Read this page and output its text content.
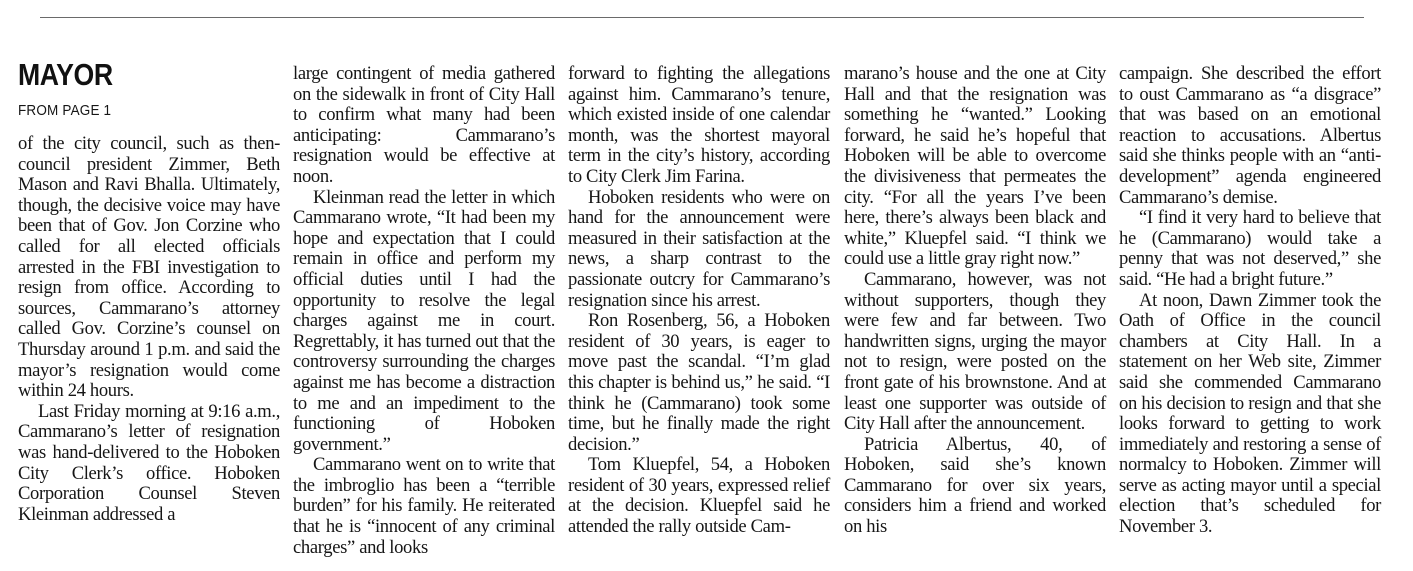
MAYOR
FROM PAGE 1

of the city council, such as then-council president Zimmer, Beth Mason and Ravi Bhalla. Ultimately, though, the decisive voice may have been that of Gov. Jon Corzine who called for all elected officials arrested in the FBI investigation to resign from office. According to sources, Cammarano’s attorney called Gov. Corzine’s counsel on Thursday around 1 p.m. and said the mayor’s resignation would come within 24 hours.

Last Friday morning at 9:16 a.m., Cammarano’s letter of resignation was hand-delivered to the Hoboken City Clerk’s office. Hoboken Corporation Counsel Steven Kleinman addressed a

large contingent of media gathered on the sidewalk in front of City Hall to confirm what many had been anticipating: Cammarano’s resignation would be effective at noon.

Kleinman read the letter in which Cammarano wrote, “It had been my hope and expectation that I could remain in office and perform my official duties until I had the opportunity to resolve the legal charges against me in court. Regrettably, it has turned out that the controversy surrounding the charges against me has become a distraction to me and an impediment to the functioning of Hoboken government.”

Cammarano went on to write that the imbroglio has been a “terrible burden” for his family. He reiterated that he is “innocent of any criminal charges” and looks

forward to fighting the allegations against him. Cammarano’s tenure, which existed inside of one calendar month, was the shortest mayoral term in the city’s history, according to City Clerk Jim Farina.

Hoboken residents who were on hand for the announcement were measured in their satisfaction at the news, a sharp contrast to the passionate outcry for Cammarano’s resignation since his arrest.

Ron Rosenberg, 56, a Hoboken resident of 30 years, is eager to move past the scandal. “I’m glad this chapter is behind us,” he said. “I think he (Cammarano) took some time, but he finally made the right decision.”

Tom Kluepfel, 54, a Hoboken resident of 30 years, expressed relief at the decision. Kluepfel said he attended the rally outside Cam-

marano’s house and the one at City Hall and that the resignation was something he “wanted.” Looking forward, he said he’s hopeful that Hoboken will be able to overcome the divisiveness that permeates the city. “For all the years I’ve been here, there’s always been black and white,” Kluepfel said. “I think we could use a little gray right now.”

Cammarano, however, was not without supporters, though they were few and far between. Two handwritten signs, urging the mayor not to resign, were posted on the front gate of his brownstone. And at least one supporter was outside of City Hall after the announcement.

Patricia Albertus, 40, of Hoboken, said she’s known Cammarano for over six years, considers him a friend and worked on his

campaign. She described the effort to oust Cammarano as “a disgrace” that was based on an emotional reaction to accusations. Albertus said she thinks people with an “anti-development” agenda engineered Cammarano’s demise.

“I find it very hard to believe that he (Cammarano) would take a penny that was not deserved,” she said. “He had a bright future.”

At noon, Dawn Zimmer took the Oath of Office in the council chambers at City Hall. In a statement on her Web site, Zimmer said she commended Cammarano on his decision to resign and that she looks forward to getting to work immediately and restoring a sense of normalcy to Hoboken. Zimmer will serve as acting mayor until a special election that’s scheduled for November 3.
